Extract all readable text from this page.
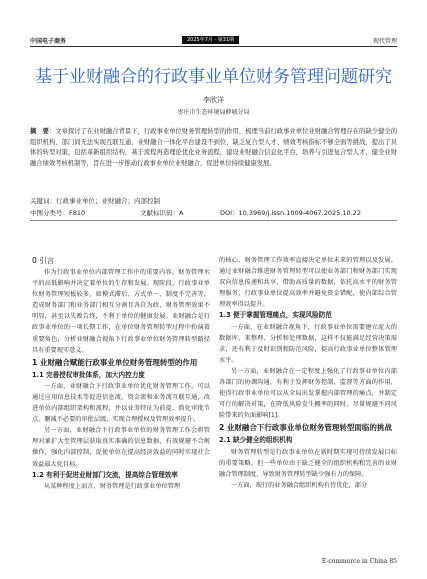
中国电子商务	2025年7月 · 第31期	现代管理
基于业财融合的行政事业单位财务管理问题研究
李欣洋
枣庄市生态环境局薛城分局
摘　要：文章探讨了在业财融合背景下，行政事业单位财务管理转型的作用，梳理当前行政事业单位业财融合管理存在的缺少健全的组织机构、部门间无法实现互联互通、业财融合一体化平台建设不到位、缺乏复合型人才、绩效考核指标不够全面等挑战，提出了具体的转型对策，包括革新组织结构，基于流程再造理论优化业务流程，建设业财融合信息化平台，培养与引进复合型人才，健全业财融合绩效考核机制等，旨在进一步推动行政事业单位业财融合，促进单位持续健康发展。
关键词：行政事业单位；业财融合；内部控制
中图分类号：F810	文献标识码：A	DOI：10.3969/j.issn.1009-4067.2025.10.22
0 引言

作为行政事业单位内部管理工作中的重要内容，财务管理水平的高低影响并决定着单位的生存和发展。现阶段，行政事业单位财务管理短板较多，如模式滞后、方式单一、制度不完善等，造成财务部门和业务部门相互分割且各自为政，财务管理效果不明显，甚至以失败告终，不利于单位的健康发展。业财融合是行政事业单位的一项长期工作，在单位财务管理转型过程中扮演着重要角色，分析业财融合视角下行政事业单位财务管理转型路径具有重要现实意义。

1 业财融合赋能行政事业单位财务管理转型的作用
1.1 完善授权审批体系，加大内控力度

一方面，业财融合下行政事业单位优化财务管理工作，可以通过应用信息技术等促进信息流、资金流和业务流互联互通，改进单位内部组织架构和流程，并以业务特征为前提，简化审批节点，删减不必要的审批层级，实现合理授权及管理效率提升。

另一方面，业财融合下行政事业单位的财务管理工作会将管理对象扩大至管理层获取真实准确的信息数据，有效规避不合规操作，强化内部控制，促使单位在提高经济效益的同时实现社会效益最大化目标。

1.2 有利于促进业财部门交流，提高综合管理效率

从某种程度上而言，财务管理是行政事业单位管理

的核心，财务管理工作效率直接决定单位未来的管理以及发展。通过业财融合推进财务管理转型可以使业务部门和财务部门实现双向信息传递和共享，借助高质量的数据，依托高水平的财务管理服务，行政事业单位提高效率并避免资金错配，使内部综合管理效率得以提升。

1.3 便于掌握管理痛点，实现风险防范

一方面，在业财融合视角下，行政事业单位需要建立庞大的数据库，来整理、分析和处理数据，这样不仅能满足经营决策需求，还有利于及时识别和防范风险，提高行政事业单位整体管理水平。

另一方面，业财融合在一定程度上强化了行政事业单位内部各部门的协调沟通，有利于发挥财务控制、监督等方面的作用，使得行政事业单位可以从全局出发掌握内部管理的痛点，并制定可行的解决对策，在降低风险发生概率的同时，尽量规避不同风险带来的负面影响[1]。

2 业财融合下行政事业单位财务管理转型面临的挑战
2.1 缺少健全的组织机构

财务管理转型是行政事业单位在新时期实现可持续发展目标的重要策略，但一些单位由于缺乏健全的组织机构和完善的业财融合管理制度，导致财务管理转型缺少强有力的保障。

一方面，现行的业务融合组织机构有待优化，部分

E-commerce in China 85
